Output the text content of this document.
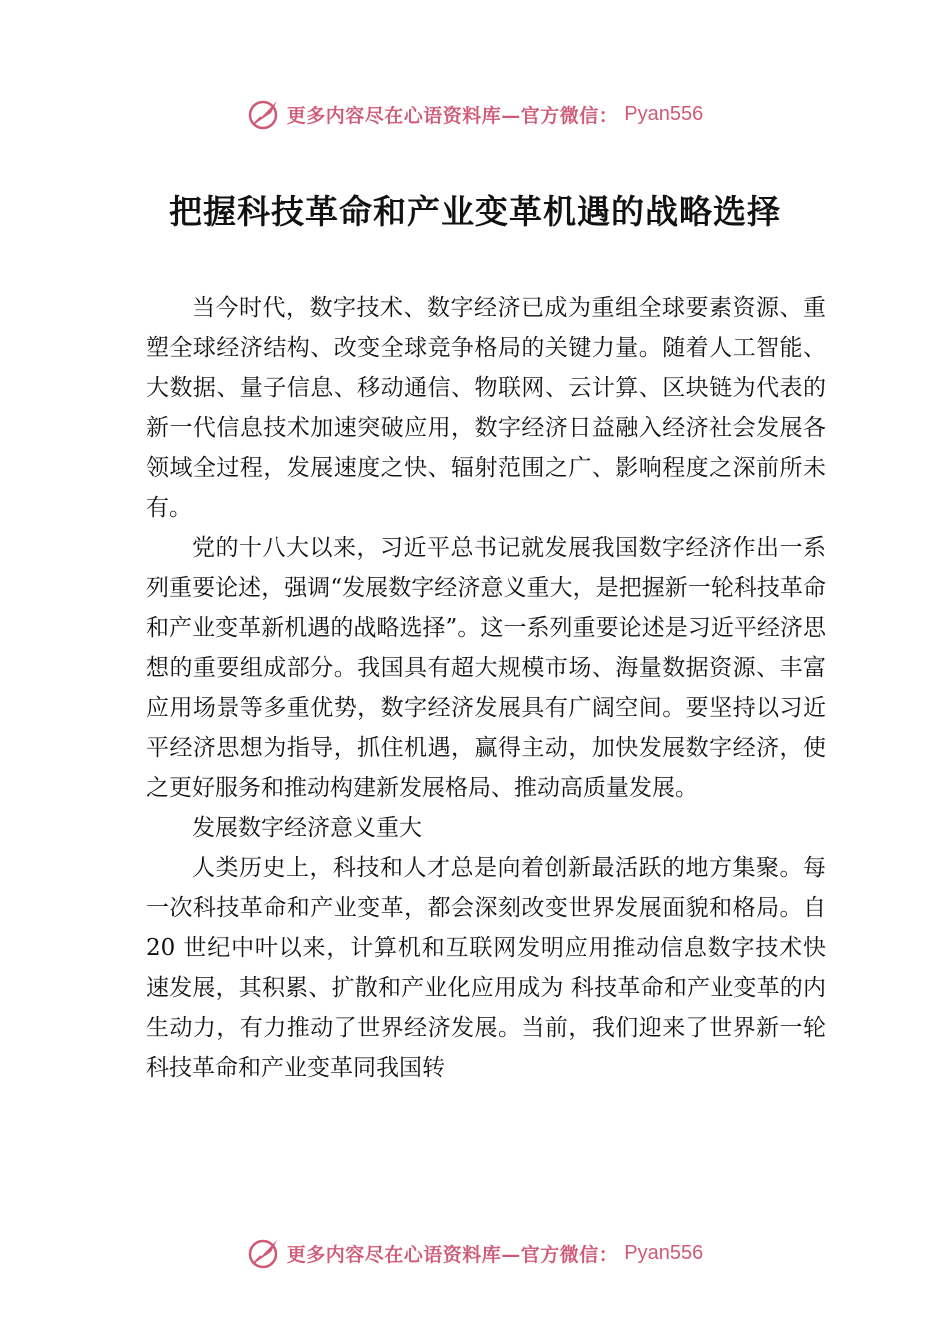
更多内容尽在心语资料库—官方微信： Pyan556
把握科技革命和产业变革机遇的战略选择

当今时代，数字技术、数字经济已成为重组全球要素资源、重塑全球经济结构、改变全球竞争格局的关键力量。随着人工智能、大数据、量子信息、移动通信、物联网、云计算、区块链为代表的新一代信息技术加速突破应用，数字经济日益融入经济社会发展各领域全过程，发展速度之快、辐射范围之广、影响程度之深前所未有。

党的十八大以来，习近平总书记就发展我国数字经济作出一系列重要论述，强调“发展数字经济意义重大，是把握新一轮科技革命和产业变革新机遇的战略选择”。这一系列重要论述是习近平经济思想的重要组成部分。我国具有超大规模市场、海量数据资源、丰富应用场景等多重优势，数字经济发展具有广阔空间。要坚持以习近平经济思想为指导，抓住机遇，赢得主动，加快发展数字经济，使之更好服务和推动构建新发展格局、推动高质量发展。

发展数字经济意义重大

人类历史上，科技和人才总是向着创新最活跃的地方集聚。每一次科技革命和产业变革，都会深刻改变世界发展面貌和格局。自 20 世纪中叶以来，计算机和互联网发明应用推动信息数字技术快速发展，其积累、扩散和产业化应用成为 科技革命和产业变革的内生动力，有力推动了世界经济发展。当前，我们迎来了世界新一轮科技革命和产业变革同我国转

更多内容尽在心语资料库—官方微信： Pyan556
